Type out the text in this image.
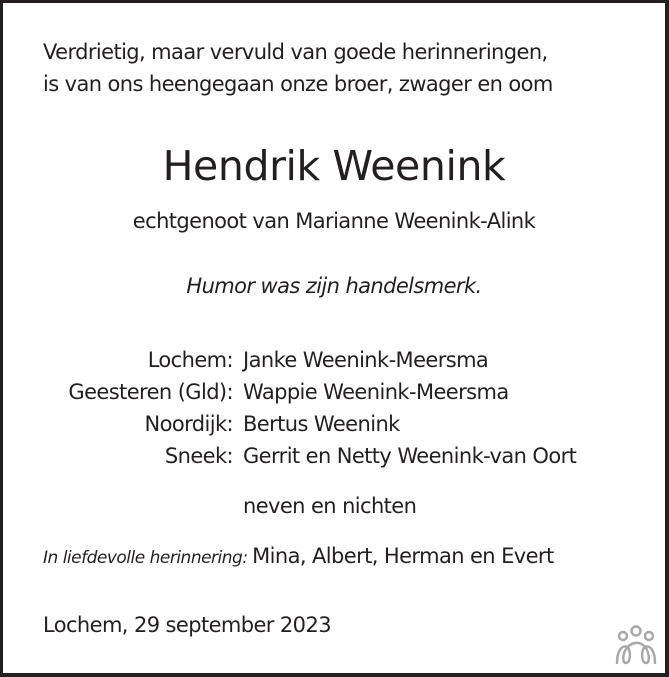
Verdrietig, maar vervuld van goede herinneringen,
is van ons heengegaan onze broer, zwager en oom
Hendrik Weenink
echtgenoot van Marianne Weenink-Alink
Humor was zijn handelsmerk.
Lochem: Janke Weenink-Meersma
Geesteren (Gld): Wappie Weenink-Meersma
Noordijk: Bertus Weenink
Sneek: Gerrit en Netty Weenink-van Oort
neven en nichten
In liefdevolle herinnering: Mina, Albert, Herman en Evert
Lochem, 29 september 2023
